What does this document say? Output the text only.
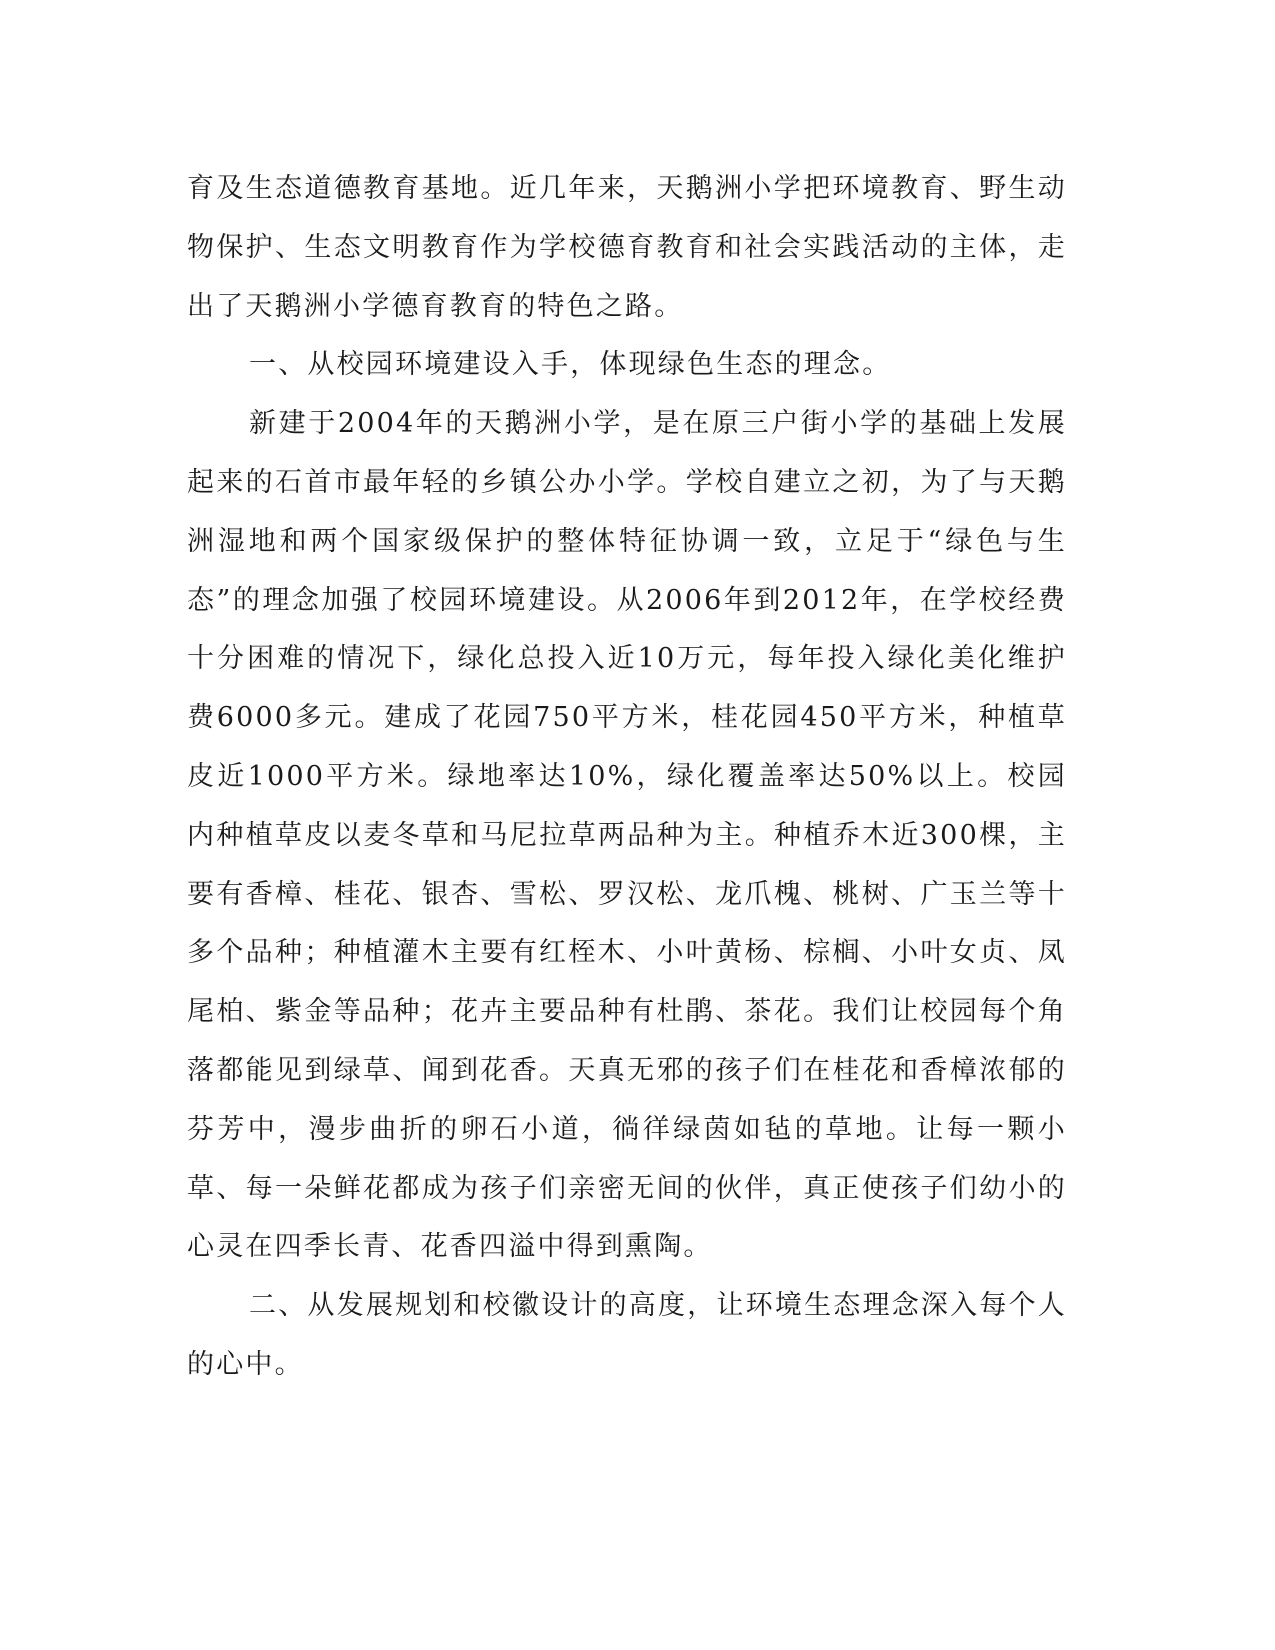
育及生态道德教育基地。近几年来，天鹅洲小学把环境教育、野生动物保护、生态文明教育作为学校德育教育和社会实践活动的主体，走出了天鹅洲小学德育教育的特色之路。

一、从校园环境建设入手，体现绿色生态的理念。

新建于2004年的天鹅洲小学，是在原三户街小学的基础上发展起来的石首市最年轻的乡镇公办小学。学校自建立之初，为了与天鹅洲湿地和两个国家级保护的整体特征协调一致，立足于“绿色与生态”的理念加强了校园环境建设。从2006年到2012年，在学校经费十分困难的情况下，绿化总投入近10万元，每年投入绿化美化维护费6000多元。建成了花园750平方米，桂花园450平方米，种植草皮近1000平方米。绿地率达10%，绿化覆盖率达50%以上。校园内种植草皮以麦冬草和马尼拉草两品种为主。种植乔木近300棵，主要有香樟、桂花、银杏、雪松、罗汉松、龙爪槐、桃树、广玉兰等十多个品种；种植灌木主要有红桎木、小叶黄杨、棕榈、小叶女贞、凤尾柏、紫金等品种；花卉主要品种有杜鹃、茶花。我们让校园每个角落都能见到绿草、闻到花香。天真无邪的孩子们在桂花和香樟浓郁的芬芳中，漫步曲折的卵石小道，徜徉绿茵如毡的草地。让每一颗小草、每一朵鲜花都成为孩子们亲密无间的伙伴，真正使孩子们幼小的心灵在四季长青、花香四溢中得到熏陶。

二、从发展规划和校徽设计的高度，让环境生态理念深入每个人的心中。
